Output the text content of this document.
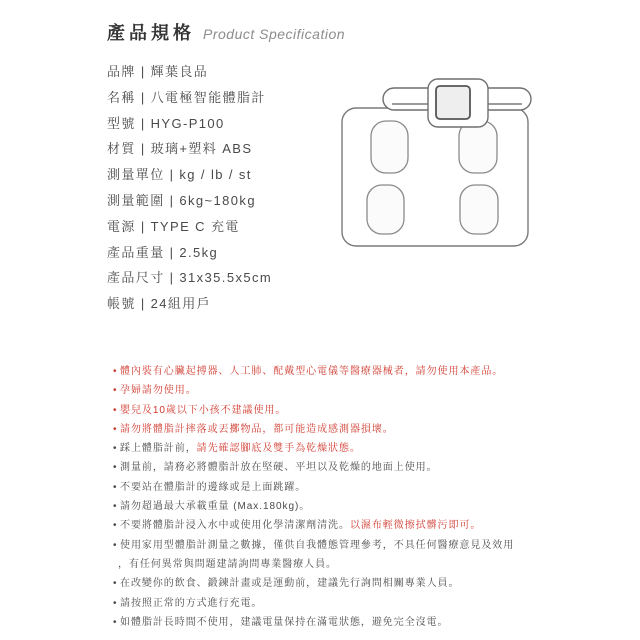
產品規格 Product Specification
品牌 | 輝葉良品
名稱 | 八電極智能體脂計
型號 | HYG-P100
材質 | 玻璃+塑料 ABS
測量單位 | kg / lb / st
測量範圍 | 6kg~180kg
電源 | TYPE C 充電
產品重量 | 2.5kg
產品尺寸 | 31x35.5x5cm
帳號 | 24組用戶
• 體內裝有心臟起搏器、人工肺、配戴型心電儀等醫療器械者，請勿使用本產品。
• 孕婦請勿使用。
• 嬰兒及10歲以下小孩不建議使用。
• 請勿將體脂計摔落或丟擲物品，都可能造成感測器損壞。
• 踩上體脂計前，請先確認腳底及雙手為乾燥狀態。
• 測量前，請務必將體脂計放在堅硬、平坦以及乾燥的地面上使用。
• 不要站在體脂計的邊緣或是上面跳躍。
• 請勿超過最大承載重量 (Max.180kg)。
• 不要將體脂計浸入水中或使用化學清潔劑清洗。以濕布輕微擦拭髒污即可。
• 使用家用型體脂計測量之數據，僅供自我體態管理參考，不具任何醫療意見及效用
，有任何異常與問題建請詢問專業醫療人員。
• 在改變你的飲食、鍛鍊計畫或是運動前，建議先行詢問相關專業人員。
• 請按照正常的方式進行充電。
• 如體脂計長時間不使用，建議電量保持在滿電狀態，避免完全沒電。
